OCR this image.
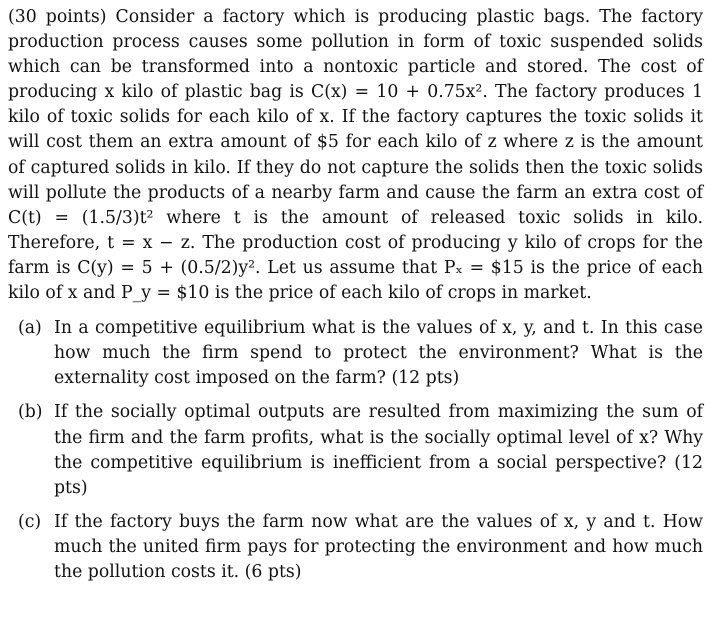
(30 points) Consider a factory which is producing plastic bags. The factory production process causes some pollution in form of toxic suspended solids which can be transformed into a nontoxic particle and stored. The cost of producing x kilo of plastic bag is C(x) = 10 + 0.75x². The factory produces 1 kilo of toxic solids for each kilo of x. If the factory captures the toxic solids it will cost them an extra amount of $5 for each kilo of z where z is the amount of captured solids in kilo. If they do not capture the solids then the toxic solids will pollute the products of a nearby farm and cause the farm an extra cost of C(t) = (1.5/3)t² where t is the amount of released toxic solids in kilo. Therefore, t = x − z. The production cost of producing y kilo of crops for the farm is C(y) = 5 + (0.5/2)y². Let us assume that Pₓ = $15 is the price of each kilo of x and P_y = $10 is the price of each kilo of crops in market.

(a) In a competitive equilibrium what is the values of x, y, and t. In this case how much the firm spend to protect the environment? What is the externality cost imposed on the farm? (12 pts)
(b) If the socially optimal outputs are resulted from maximizing the sum of the firm and the farm profits, what is the socially optimal level of x? Why the competitive equilibrium is inefficient from a social perspective? (12 pts)
(c) If the factory buys the farm now what are the values of x, y and t. How much the united firm pays for protecting the environment and how much the pollution costs it. (6 pts)
